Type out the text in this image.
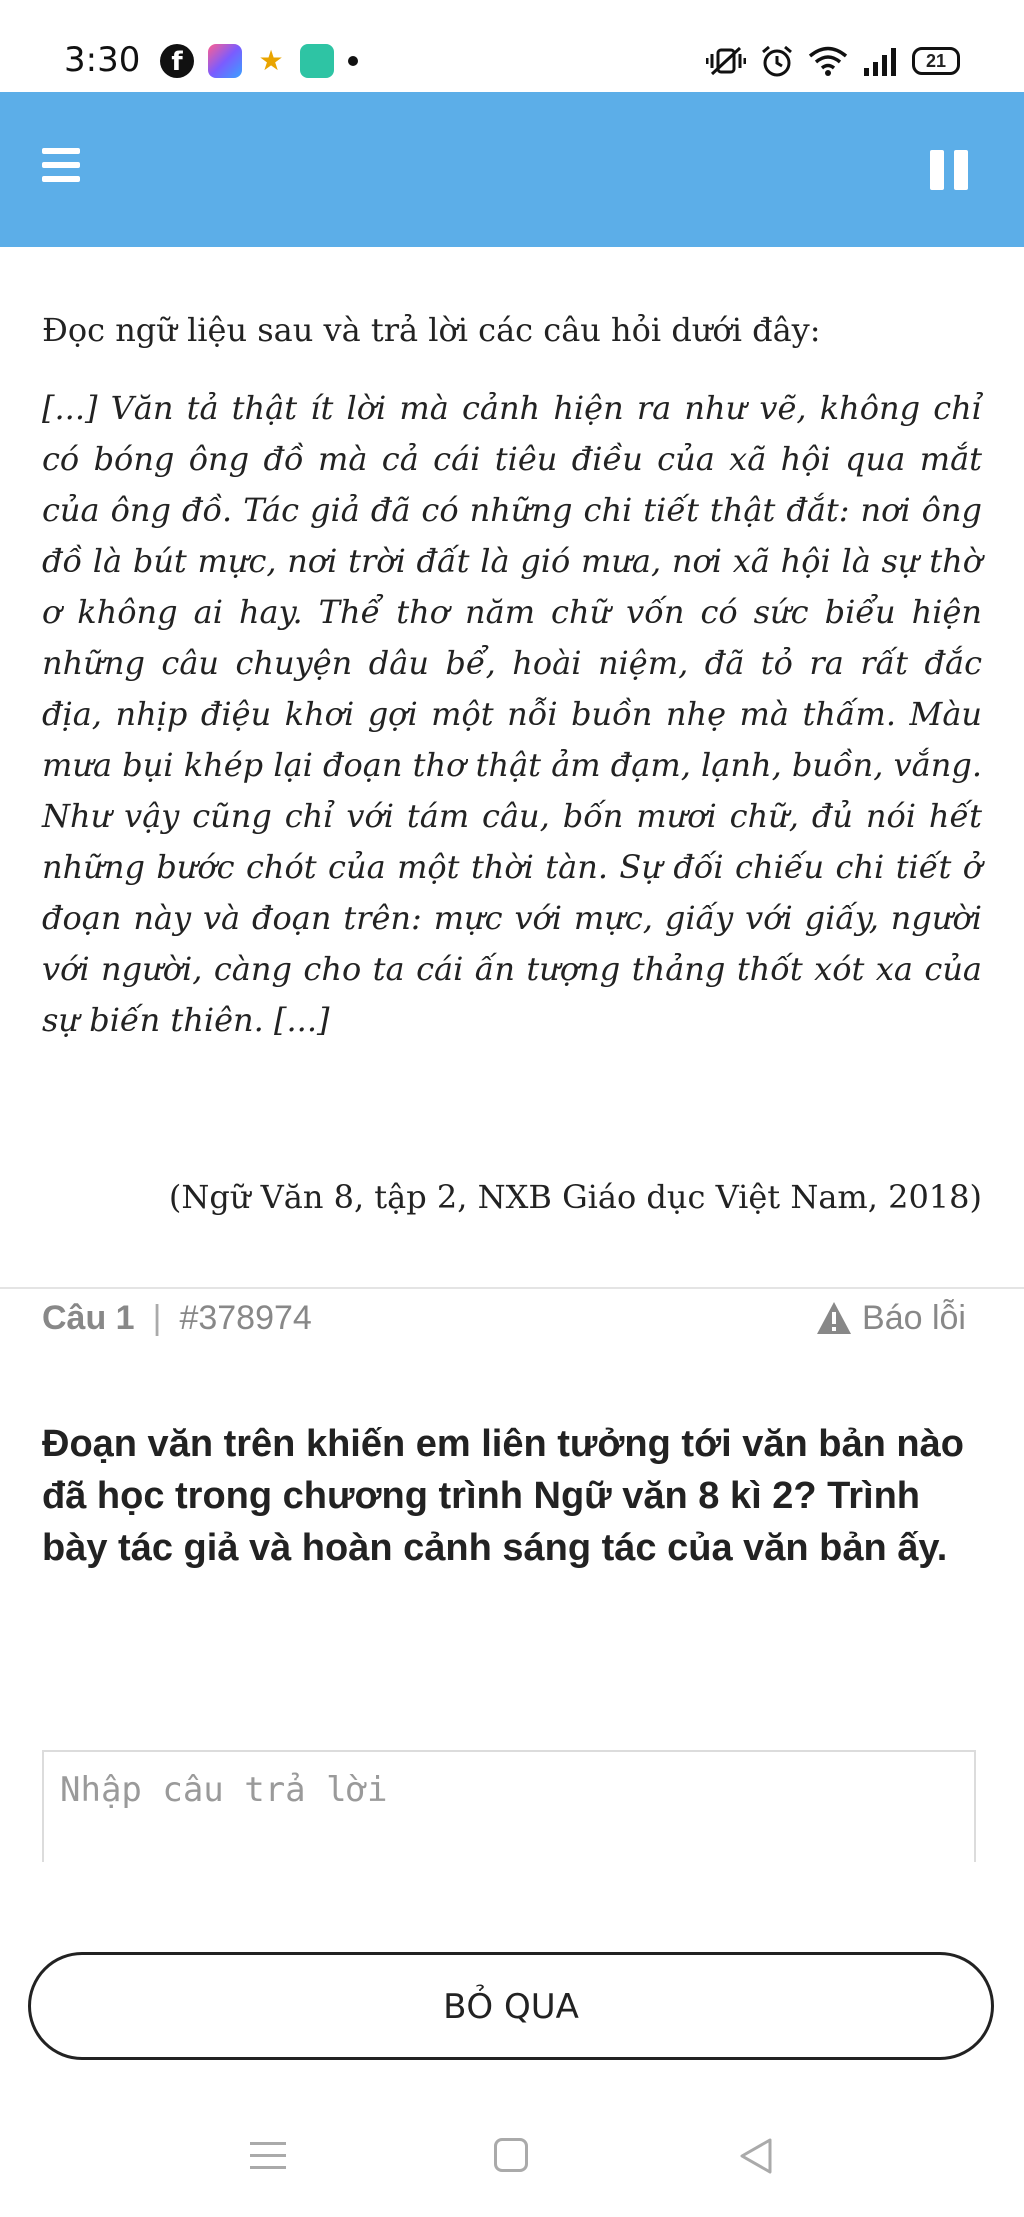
3:30	f	★	21

Đọc ngữ liệu sau và trả lời các câu hỏi dưới đây:

[...] Văn tả thật ít lời mà cảnh hiện ra như vẽ, không chỉ có bóng ông đồ mà cả cái tiêu điều của xã hội qua mắt của ông đồ. Tác giả đã có những chi tiết thật đắt: nơi ông đồ là bút mực, nơi trời đất là gió mưa, nơi xã hội là sự thờ ơ không ai hay. Thể thơ năm chữ vốn có sức biểu hiện những câu chuyện dâu bể, hoài niệm, đã tỏ ra rất đắc địa, nhịp điệu khơi gợi một nỗi buồn nhẹ mà thấm. Màu mưa bụi khép lại đoạn thơ thật ảm đạm, lạnh, buồn, vắng. Như vậy cũng chỉ với tám câu, bốn mươi chữ, đủ nói hết những bước chót của một thời tàn. Sự đối chiếu chi tiết ở đoạn này và đoạn trên: mực với mực, giấy với giấy, người với người, càng cho ta cái ấn tượng thảng thốt xót xa của sự biến thiên. [...]

(Ngữ Văn 8, tập 2, NXB Giáo dục Việt Nam, 2018)
Câu 1 | #378974	Báo lỗi

Đoạn văn trên khiến em liên tưởng tới văn bản nào đã học trong chương trình Ngữ văn 8 kì 2? Trình bày tác giả và hoàn cảnh sáng tác của văn bản ấy.

Nhập câu trả lời
BỎ QUA
